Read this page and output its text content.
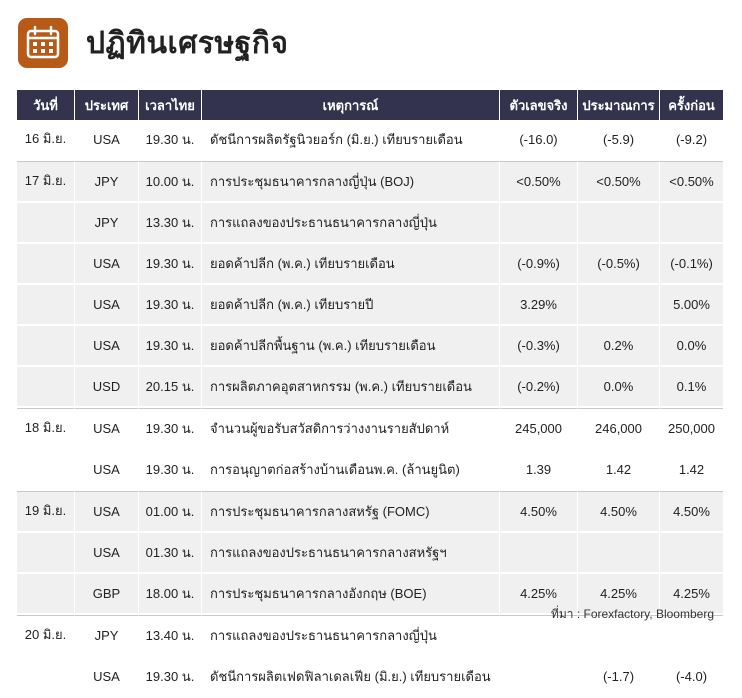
ปฏิทินเศรษฐกิจ
วันที่	ประเทศ	เวลาไทย	เหตุการณ์	ตัวเลขจริง	ประมาณการ	ครั้งก่อน
16 มิ.ย.	USA	19.30 น.	ดัชนีการผลิตรัฐนิวยอร์ก (มิ.ย.) เทียบรายเดือน	(-16.0)	(-5.9)	(-9.2)
17 มิ.ย.	JPY	10.00 น.	การประชุมธนาคารกลางญี่ปุ่น (BOJ)	<0.50%	<0.50%	<0.50%
	JPY	13.30 น.	การแถลงของประธานธนาคารกลางญี่ปุ่น			
	USA	19.30 น.	ยอดค้าปลีก (พ.ค.) เทียบรายเดือน	(-0.9%)	(-0.5%)	(-0.1%)
	USA	19.30 น.	ยอดค้าปลีก (พ.ค.) เทียบรายปี	3.29%		5.00%
	USA	19.30 น.	ยอดค้าปลีกพื้นฐาน (พ.ค.) เทียบรายเดือน	(-0.3%)	0.2%	0.0%
	USD	20.15 น.	การผลิตภาคอุตสาหกรรม (พ.ค.) เทียบรายเดือน	(-0.2%)	0.0%	0.1%
18 มิ.ย.	USA	19.30 น.	จำนวนผู้ขอรับสวัสดิการว่างงานรายสัปดาห์	245,000	246,000	250,000
	USA	19.30 น.	การอนุญาตก่อสร้างบ้านเดือนพ.ค. (ล้านยูนิต)	1.39	1.42	1.42
19 มิ.ย.	USA	01.00 น.	การประชุมธนาคารกลางสหรัฐ (FOMC)	4.50%	4.50%	4.50%
	USA	01.30 น.	การแถลงของประธานธนาคารกลางสหรัฐฯ			
	GBP	18.00 น.	การประชุมธนาคารกลางอังกฤษ (BOE)	4.25%	4.25%	4.25%
20 มิ.ย.	JPY	13.40 น.	การแถลงของประธานธนาคารกลางญี่ปุ่น			
	USA	19.30 น.	ดัชนีการผลิตเฟดฟิลาเดลเฟีย (มิ.ย.) เทียบรายเดือน		(-1.7)	(-4.0)
ที่มา : Forexfactory, Bloomberg
